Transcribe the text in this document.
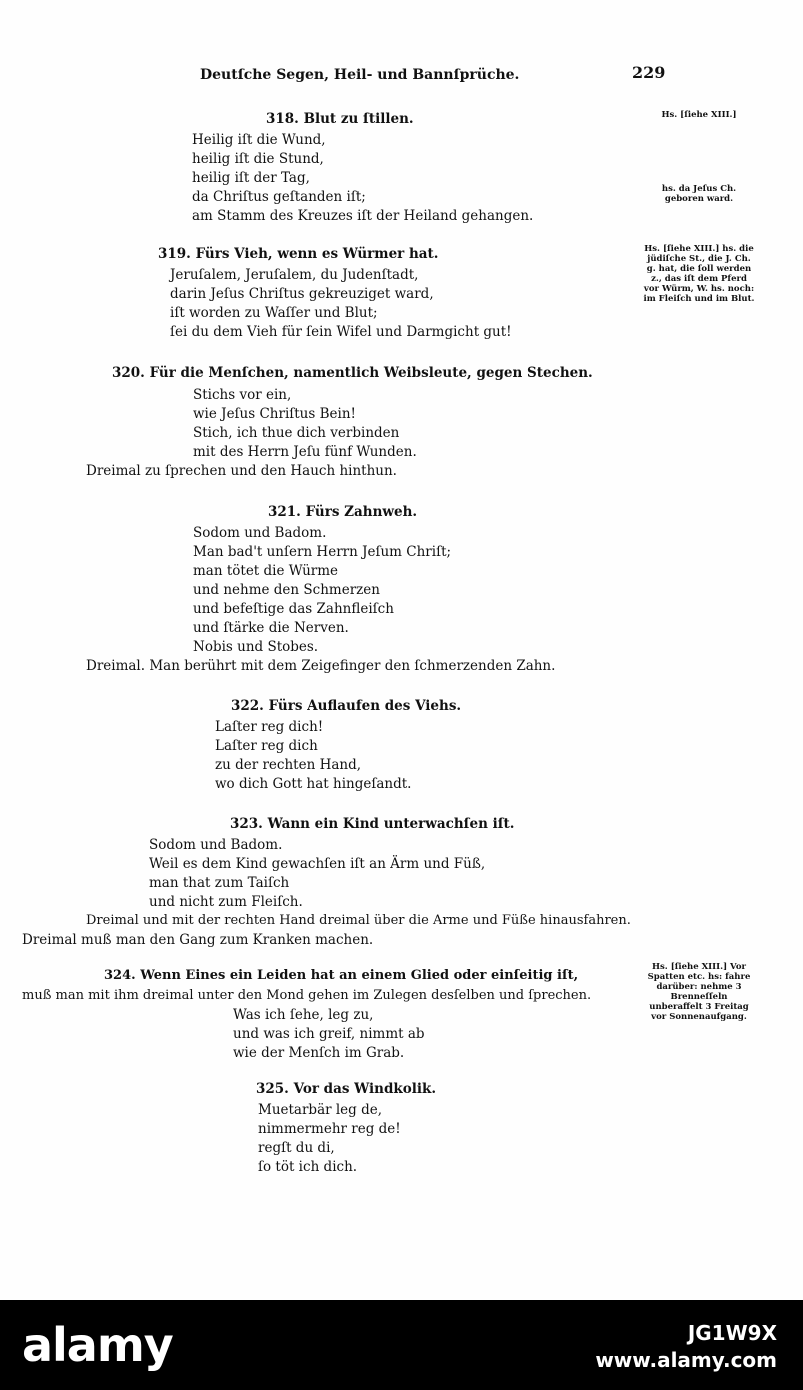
Deutſche Segen, Heil- und Bannſprüche.	229
318. Blut zu ſtillen.
Heilig iſt die Wund,
heilig iſt die Stund,
heilig iſt der Tag,
da Chriſtus geſtanden iſt;
am Stamm des Kreuzes iſt der Heiland gehangen.
319. Fürs Vieh, wenn es Würmer hat.
Jeruſalem, Jeruſalem, du Judenſtadt,
darin Jeſus Chriſtus gekreuziget ward,
iſt worden zu Waſſer und Blut;
ſei du dem Vieh für ſein Wifel und Darmgicht gut!
320. Für die Menſchen, namentlich Weibsleute, gegen Stechen.
Stichs vor ein,
wie Jeſus Chriſtus Bein!
Stich, ich thue dich verbinden
mit des Herrn Jeſu fünf Wunden.
Dreimal zu ſprechen und den Hauch hinthun.
321. Fürs Zahnweh.
Sodom und Badom.
Man bad't unſern Herrn Jeſum Chriſt;
man tötet die Würme
und nehme den Schmerzen
und befeſtige das Zahnfleiſch
und ſtärke die Nerven.
Nobis und Stobes.
Dreimal. Man berührt mit dem Zeigefinger den ſchmerzenden Zahn.
322. Fürs Auflaufen des Viehs.
Laſter reg dich!
Laſter reg dich
zu der rechten Hand,
wo dich Gott hat hingeſandt.
323. Wann ein Kind unterwachſen iſt.
Sodom und Badom.
Weil es dem Kind gewachſen iſt an Ärm und Füß,
man that zum Taiſch
und nicht zum Fleiſch.
Dreimal und mit der rechten Hand dreimal über die Arme und Füße hinausfahren.
Dreimal muß man den Gang zum Kranken machen.
324. Wenn Eines ein Leiden hat an einem Glied oder einſeitig iſt,
muß man mit ihm dreimal unter den Mond gehen im Zulegen desſelben und ſprechen.
Was ich ſehe, leg zu,
und was ich greif, nimmt ab
wie der Menſch im Grab.
325. Vor das Windkolik.
Muetarbär leg de,
nimmermehr reg de!
regſt du di,
ſo töt ich dich.
Hs. [ſiehe XIII.]
hs. da Jeſus Ch. geboren ward.
Hs. [ſiehe XIII.] hs. die jüdiſche St., die J. Ch. g. hat, die ſoll werden z., das iſt dem Pferd vor Würm, W. hs. noch: im Fleiſch und im Blut.
Hs. [ſiehe XIII.] Vor Spatten etc. hs: fahre darüber: nehme 3 Brenneſſeln unberaffelt 3 Freitag vor Sonnenaufgang.
alamy	JG1W9X
www.alamy.com
